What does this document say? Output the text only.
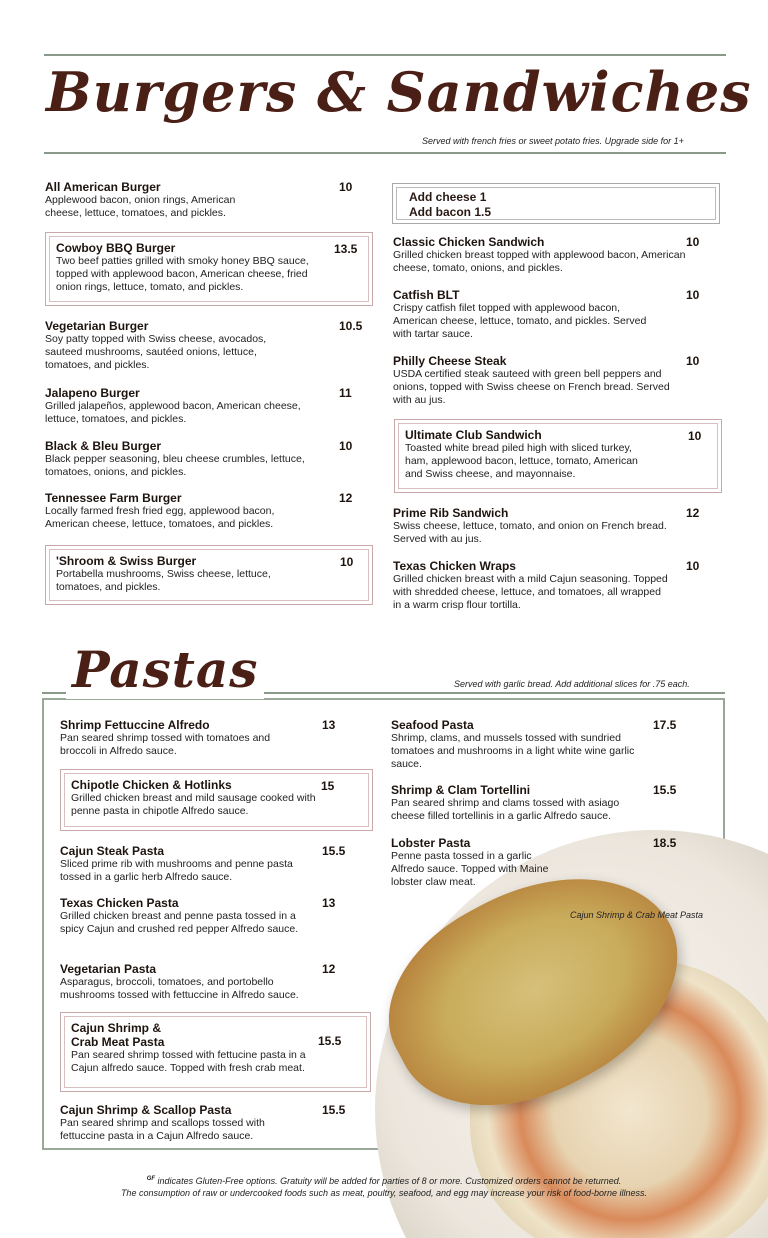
Burgers & Sandwiches
Served with french fries or sweet potato fries. Upgrade side for 1+
All American Burger
Applewood bacon, onion rings, American cheese, lettuce, tomatoes, and pickles.
10
Cowboy BBQ Burger
Two beef patties grilled with smoky honey BBQ sauce, topped with applewood bacon, American cheese, fried onion rings, lettuce, tomato, and pickles.
13.5
Vegetarian Burger
Soy patty topped with Swiss cheese, avocados, sauteed mushrooms, sautéed onions, lettuce, tomatoes, and pickles.
10.5
Jalapeno Burger
Grilled jalapeños, applewood bacon, American cheese, lettuce, tomatoes, and pickles.
11
Black & Bleu Burger
Black pepper seasoning, bleu cheese crumbles, lettuce, tomatoes, onions, and pickles.
10
Tennessee Farm Burger
Locally farmed fresh fried egg, applewood bacon, American cheese, lettuce, tomatoes, and pickles.
12
'Shroom & Swiss Burger
Portabella mushrooms, Swiss cheese, lettuce, tomatoes, and pickles.
10
Add cheese 1
Add bacon 1.5
Classic Chicken Sandwich
Grilled chicken breast topped with applewood bacon, American cheese, tomato, onions, and pickles.
10
Catfish BLT
Crispy catfish filet topped with applewood bacon, American cheese, lettuce, tomato, and pickles. Served with tartar sauce.
10
Philly Cheese Steak
USDA certified steak sauteed with green bell peppers and onions, topped with Swiss cheese on French bread. Served with au jus.
10
Ultimate Club Sandwich
Toasted white bread piled high with sliced turkey, ham, applewood bacon, lettuce, tomato, American and Swiss cheese, and mayonnaise.
10
Prime Rib Sandwich
Swiss cheese, lettuce, tomato, and onion on French bread. Served with au jus.
12
Texas Chicken Wraps
Grilled chicken breast with a mild Cajun seasoning. Topped with shredded cheese, lettuce, and tomatoes, all wrapped in a warm crisp flour tortilla.
10
Pastas	Served with garlic bread. Add additional slices for .75 each.
Cajun Shrimp & Crab Meat Pasta
Shrimp Fettuccine Alfredo
Pan seared shrimp tossed with tomatoes and broccoli in Alfredo sauce.
13
Chipotle Chicken & Hotlinks
Grilled chicken breast and mild sausage cooked with penne pasta in chipotle Alfredo sauce.
15
Cajun Steak Pasta
Sliced prime rib with mushrooms and penne pasta tossed in a garlic herb Alfredo sauce.
15.5
Texas Chicken Pasta
Grilled chicken breast and penne pasta tossed in a spicy Cajun and crushed red pepper Alfredo sauce.
13
Vegetarian Pasta
Asparagus, broccoli, tomatoes, and portobello mushrooms tossed with fettuccine in Alfredo sauce.
12
Cajun Shrimp & Crab Meat Pasta
Pan seared shrimp tossed with fettucine pasta in a Cajun alfredo sauce. Topped with fresh crab meat.
15.5
Cajun Shrimp & Scallop Pasta
Pan seared shrimp and scallops tossed with fettuccine pasta in a Cajun Alfredo sauce.
15.5
Seafood Pasta
Shrimp, clams, and mussels tossed with sundried tomatoes and mushrooms in a light white wine garlic sauce.
17.5
Shrimp & Clam Tortellini
Pan seared shrimp and clams tossed with asiago cheese filled tortellinis in a garlic Alfredo sauce.
15.5
Lobster Pasta
Penne pasta tossed in a garlic Alfredo sauce. Topped with Maine lobster claw meat.
18.5
$^{GF}$ indicates Gluten-Free options. Gratuity will be added for parties of 8 or more. Customized orders cannot be returned.
The consumption of raw or undercooked foods such as meat, poultry, seafood, and egg may increase your risk of food-borne illness.
